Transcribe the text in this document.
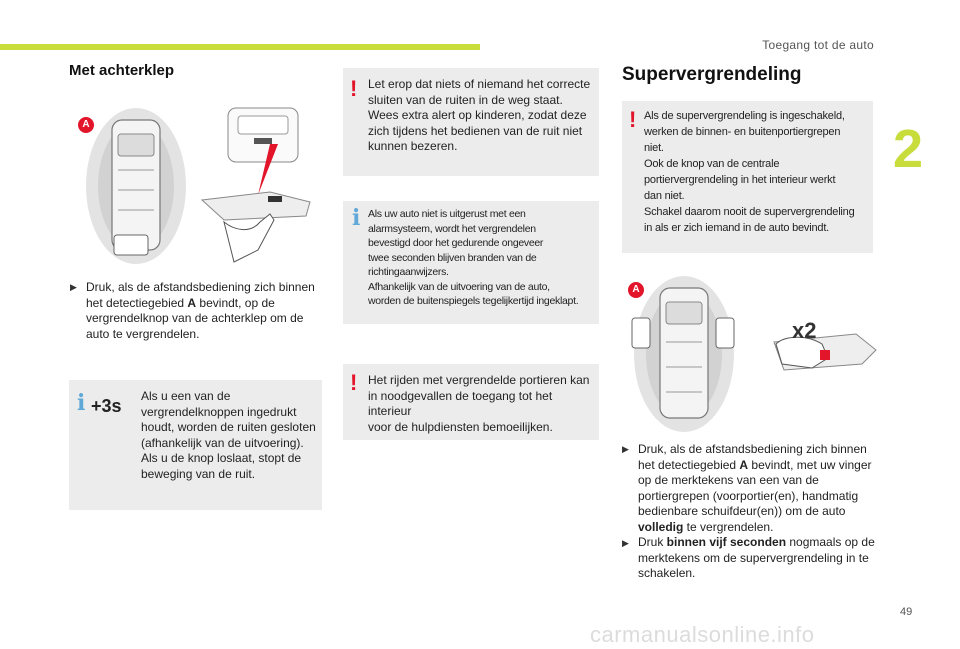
Toegang tot de auto
2
Met achterklep
A
▶ Druk, als de afstandsbediening zich binnen het detectiegebied A bevindt, op de vergrendelknop van de achterklep om de auto te vergrendelen.
i +3s Als u een van de
vergrendelknoppen ingedrukt
houdt, worden de ruiten gesloten
(afhankelijk van de uitvoering).
Als u de knop loslaat, stopt de
beweging van de ruit.
! Let erop dat niets of niemand het correcte
sluiten van de ruiten in de weg staat.
Wees extra alert op kinderen, zodat deze
zich tijdens het bedienen van de ruit niet
kunnen bezeren.
i Als uw auto niet is uitgerust met een
alarmsysteem, wordt het vergrendelen
bevestigd door het gedurende ongeveer
twee seconden blijven branden van de
richtingaanwijzers.
Afhankelijk van de uitvoering van de auto,
worden de buitenspiegels tegelijkertijd ingeklapt.
! Het rijden met vergrendelde portieren kan
in noodgevallen de toegang tot het interieur
voor de hulpdiensten bemoeilijken.
Supervergrendeling
! Als de supervergrendeling is ingeschakeld,
werken de binnen- en buitenportiergrepen
niet.
Ook de knop van de centrale
portiervergrendeling in het interieur werkt
dan niet.
Schakel daarom nooit de supervergrendeling
in als er zich iemand in de auto bevindt.
A
x2
▶ Druk, als de afstandsbediening zich binnen het detectiegebied A bevindt, met uw vinger op de merktekens van een van de portiergrepen (voorportier(en), handmatig bedienbare schuifdeur(en)) om de auto volledig te vergrendelen.
▶ Druk binnen vijf seconden nogmaals op de merktekens om de supervergrendeling in te schakelen.
49
carmanualsonline.info
